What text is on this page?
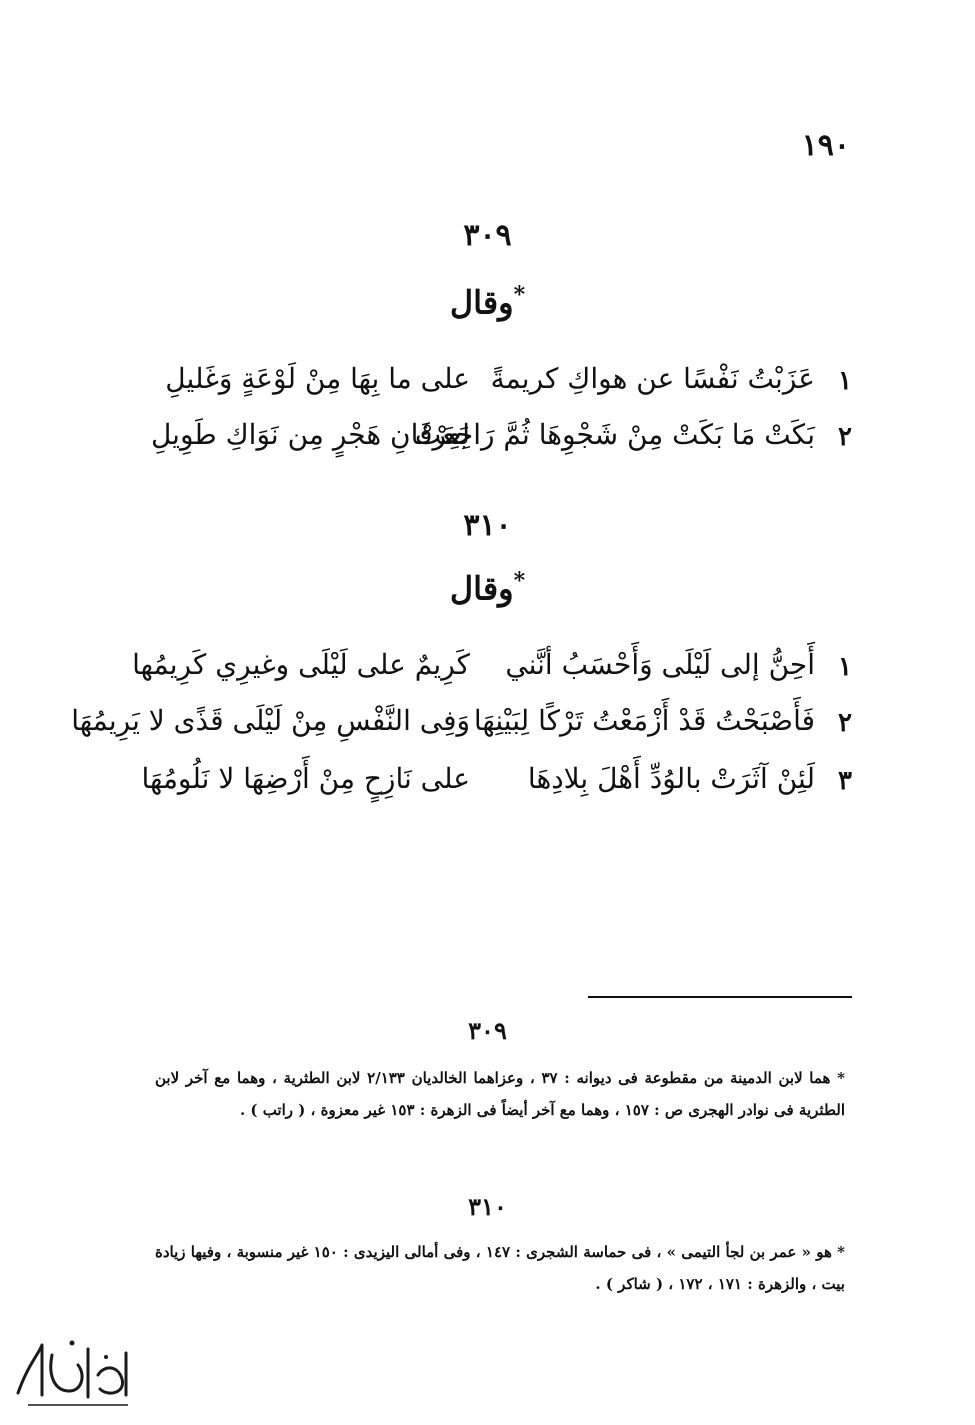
١٩٠
٣٠٩
وقال*
١
عَزَبْتُ نَفْسًا عن هواكِ كريمةً
على ما بِهَا مِنْ لَوْعَةٍ وَغَليلِ
٢
بَكَتْ مَا بَكَتْ مِنْ شَجْوِهَا ثُمَّ رَاجَعَتْ
لِعِرْفَانِ هَجْرٍ مِن نَوَاكِ طَوِيلِ
٣١٠
وقال*
١
أَحِنُّ إلى لَيْلَى وَأَحْسَبُ أنَّني
كَرِيمٌ على لَيْلَى وغيرِي كَرِيمُها
٢
فَأَصْبَحْتُ قَدْ أَزْمَعْتُ تَرْكًا لِبَيْنِهَا
وَفِى النَّفْسِ مِنْ لَيْلَى قَذًى لا يَرِيمُهَا
٣
لَئِنْ آثَرَتْ بالوُدِّ أَهْلَ بِلادِهَا
على نَازِحٍ مِنْ أَرْضِهَا لا نَلُومُهَا
٣٠٩
* هما لابن الدمينة من مقطوعة فى ديوانه : ٣٧ ، وعزاهما الخالديان ٢/١٣٣ لابن الطثرية ، وهما مع آخر لابن الطثرية فى نوادر الهجرى ص : ١٥٧ ، وهما مع آخر أيضاً فى الزهرة : ١٥٣ غير معزوة ، ( راتب ) .
٣١٠
* هو « عمر بن لجأ التيمى » ، فى حماسة الشجرى : ١٤٧ ، وفى أمالى اليزيدى : ١٥٠ غير منسوبة ، وفيها زيادة بيت ، والزهرة : ١٧١ ، ١٧٢ ، ( شاكر ) .
